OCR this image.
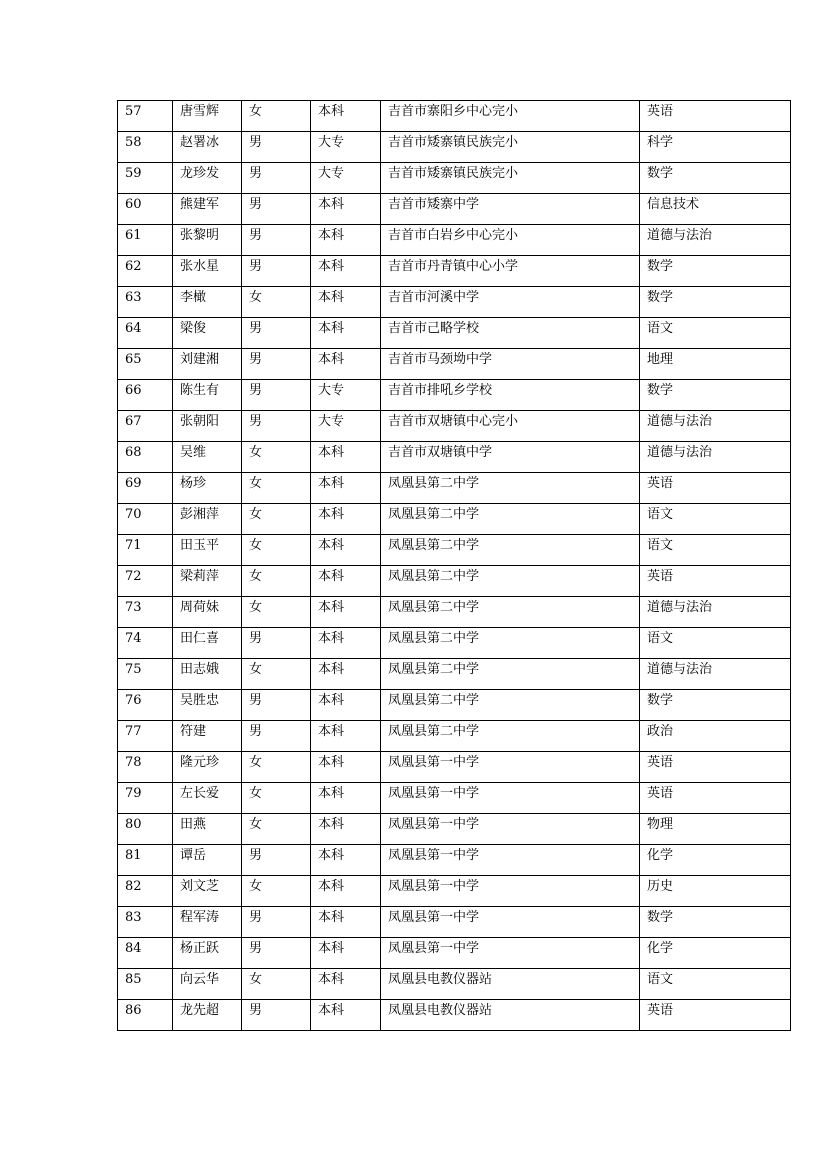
57	唐雪辉	女	本科	吉首市寨阳乡中心完小	英语
58	赵署冰	男	大专	吉首市矮寨镇民族完小	科学
59	龙珍发	男	大专	吉首市矮寨镇民族完小	数学
60	熊建军	男	本科	吉首市矮寨中学	信息技术
61	张黎明	男	本科	吉首市白岩乡中心完小	道德与法治
62	张水星	男	本科	吉首市丹青镇中心小学	数学
63	李橄	女	本科	吉首市河溪中学	数学
64	梁俊	男	本科	吉首市己略学校	语文
65	刘建湘	男	本科	吉首市马颈坳中学	地理
66	陈生有	男	大专	吉首市排吼乡学校	数学
67	张朝阳	男	大专	吉首市双塘镇中心完小	道德与法治
68	吴维	女	本科	吉首市双塘镇中学	道德与法治
69	杨珍	女	本科	凤凰县第二中学	英语
70	彭湘萍	女	本科	凤凰县第二中学	语文
71	田玉平	女	本科	凤凰县第二中学	语文
72	梁莉萍	女	本科	凤凰县第二中学	英语
73	周荷妹	女	本科	凤凰县第二中学	道德与法治
74	田仁喜	男	本科	凤凰县第二中学	语文
75	田志娥	女	本科	凤凰县第二中学	道德与法治
76	吴胜忠	男	本科	凤凰县第二中学	数学
77	符建	男	本科	凤凰县第二中学	政治
78	隆元珍	女	本科	凤凰县第一中学	英语
79	左长爱	女	本科	凤凰县第一中学	英语
80	田燕	女	本科	凤凰县第一中学	物理
81	谭岳	男	本科	凤凰县第一中学	化学
82	刘文芝	女	本科	凤凰县第一中学	历史
83	程军涛	男	本科	凤凰县第一中学	数学
84	杨正跃	男	本科	凤凰县第一中学	化学
85	向云华	女	本科	凤凰县电教仪器站	语文
86	龙先超	男	本科	凤凰县电教仪器站	英语
